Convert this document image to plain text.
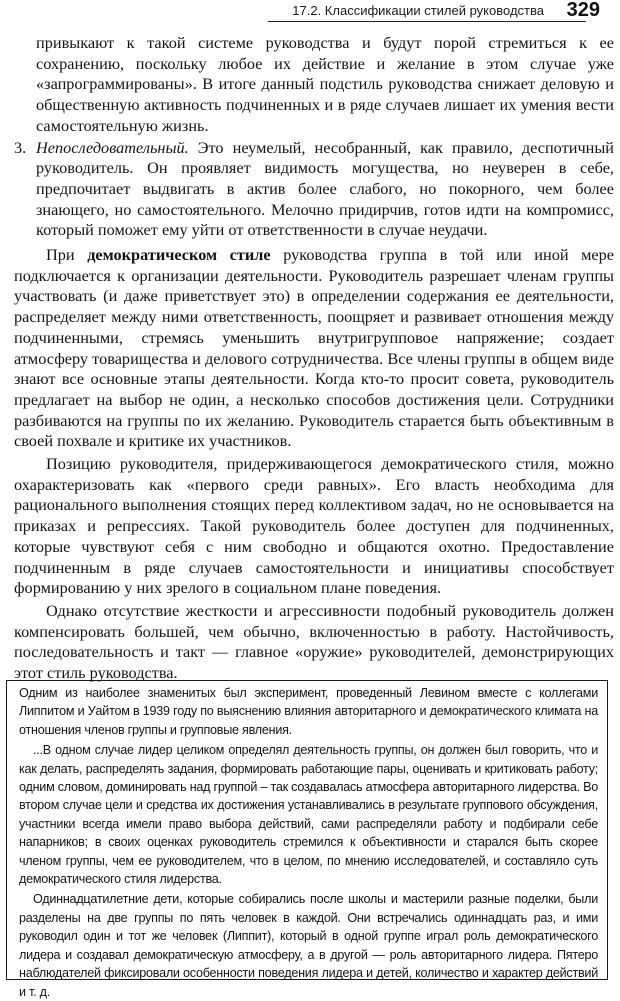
17.2. Классификации стилей руководства 329

привыкают к такой системе руководства и будут порой стремиться к ее сохранению, поскольку любое их действие и желание в этом случае уже «запрограммированы». В итоге данный подстиль руководства снижает деловую и общественную активность подчиненных и в ряде случаев лишает их умения вести самостоятельную жизнь.

3. Непоследовательный. Это неумелый, несобранный, как правило, деспотичный руководитель. Он проявляет видимость могущества, но неуверен в себе, предпочитает выдвигать в актив более слабого, но покорного, чем более знающего, но самостоятельного. Мелочно придирчив, готов идти на компромисс, который поможет ему уйти от ответственности в случае неудачи.

При демократическом стиле руководства группа в той или иной мере подключается к организации деятельности. Руководитель разрешает членам группы участвовать (и даже приветствует это) в определении содержания ее деятельности, распределяет между ними ответственность, поощряет и развивает отношения между подчиненными, стремясь уменьшить внутригрупповое напряжение; создает атмосферу товарищества и делового сотрудничества. Все члены группы в общем виде знают все основные этапы деятельности. Когда кто-то просит совета, руководитель предлагает на выбор не один, а несколько способов достижения цели. Сотрудники разбиваются на группы по их желанию. Руководитель старается быть объективным в своей похвале и критике их участников.

Позицию руководителя, придерживающегося демократического стиля, можно охарактеризовать как «первого среди равных». Его власть необходима для рационального выполнения стоящих перед коллективом задач, но не основывается на приказах и репрессиях. Такой руководитель более доступен для подчиненных, которые чувствуют себя с ним свободно и общаются охотно. Предоставление подчиненным в ряде случаев самостоятельности и инициативы способствует формированию у них зрелого в социальном плане поведения.

Однако отсутствие жесткости и агрессивности подобный руководитель должен компенсировать большей, чем обычно, включенностью в работу. Настойчивость, последовательность и такт — главное «оружие» руководителей, демонстрирующих этот стиль руководства.

Одним из наиболее знаменитых был эксперимент, проведенный Левином вместе с коллегами Липпитом и Уайтом в 1939 году по выяснению влияния авторитарного и демократического климата на отношения членов группы и групповые явления.

...В одном случае лидер целиком определял деятельность группы, он должен был говорить, что и как делать, распределять задания, формировать работающие пары, оценивать и критиковать работу; одним словом, доминировать над группой – так создавалась атмосфера авторитарного лидерства. Во втором случае цели и средства их достижения устанавливались в результате группового обсуждения, участники всегда имели право выбора действий, сами распределяли работу и подбирали себе напарников; в своих оценках руководитель стремился к объективности и старался быть скорее членом группы, чем ее руководителем, что в целом, по мнению исследователей, и составляло суть демократического стиля лидерства.

Одиннадцатилетние дети, которые собирались после школы и мастерили разные поделки, были разделены на две группы по пять человек в каждой. Они встречались одиннадцать раз, и ими руководил один и тот же человек (Липпит), который в одной группе играл роль демократического лидера и создавал демократическую атмосферу, а в другой — роль авторитарного лидера. Пятеро наблюдателей фиксировали особенности поведения лидера и детей, количество и характер действий и т. д.
